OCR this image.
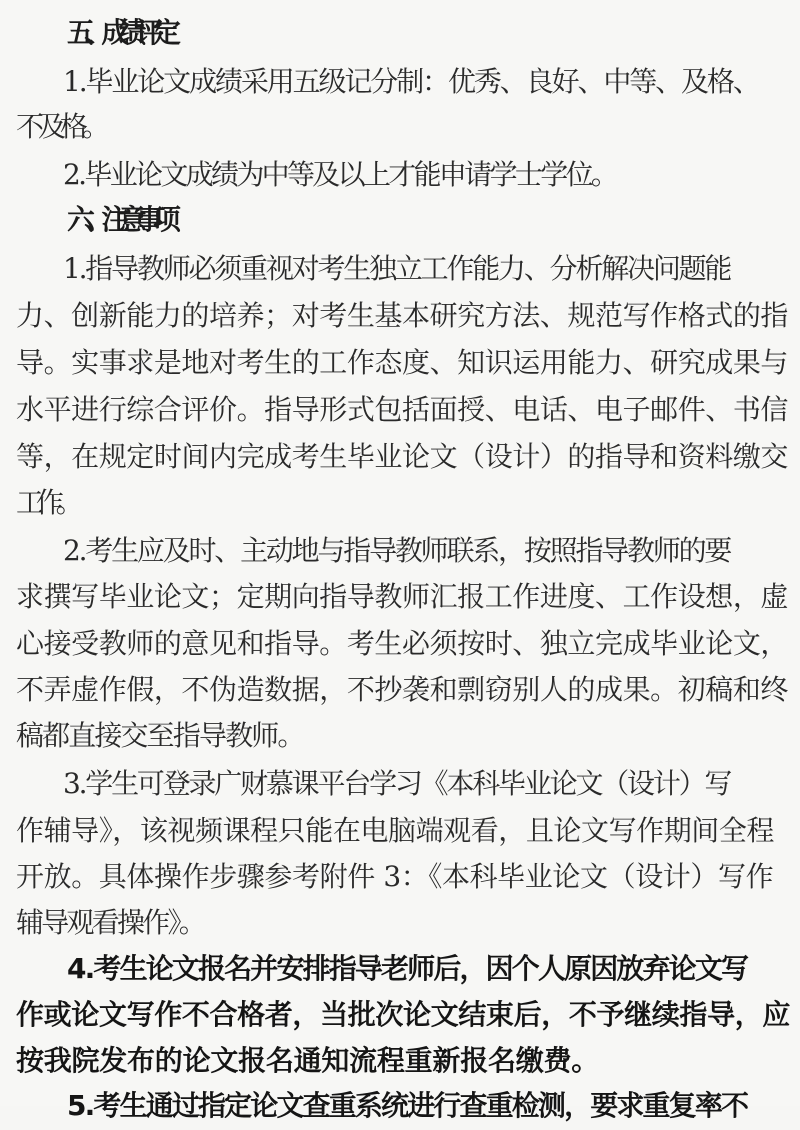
五、成绩评定
1.毕业论文成绩采用五级记分制：优秀、良好、中等、及格、
不及格。
2.毕业论文成绩为中等及以上才能申请学士学位。
六、注意事项
1.指导教师必须重视对考生独立工作能力、分析解决问题能
力、创新能力的培养；对考生基本研究方法、规范写作格式的指
导。实事求是地对考生的工作态度、知识运用能力、研究成果与
水平进行综合评价。指导形式包括面授、电话、电子邮件、书信
等，在规定时间内完成考生毕业论文（设计）的指导和资料缴交
工作。
2.考生应及时、主动地与指导教师联系，按照指导教师的要
求撰写毕业论文；定期向指导教师汇报工作进度、工作设想，虚
心接受教师的意见和指导。考生必须按时、独立完成毕业论文，
不弄虚作假，不伪造数据，不抄袭和剽窃别人的成果。初稿和终
稿都直接交至指导教师。
3.学生可登录广财慕课平台学习《本科毕业论文（设计）写
作辅导》，该视频课程只能在电脑端观看，且论文写作期间全程
开放。具体操作步骤参考附件 3：《本科毕业论文（设计）写作
辅导观看操作》。
4.考生论文报名并安排指导老师后，因个人原因放弃论文写
作或论文写作不合格者，当批次论文结束后，不予继续指导，应
按我院发布的论文报名通知流程重新报名缴费。
5.考生通过指定论文查重系统进行查重检测，要求重复率不
